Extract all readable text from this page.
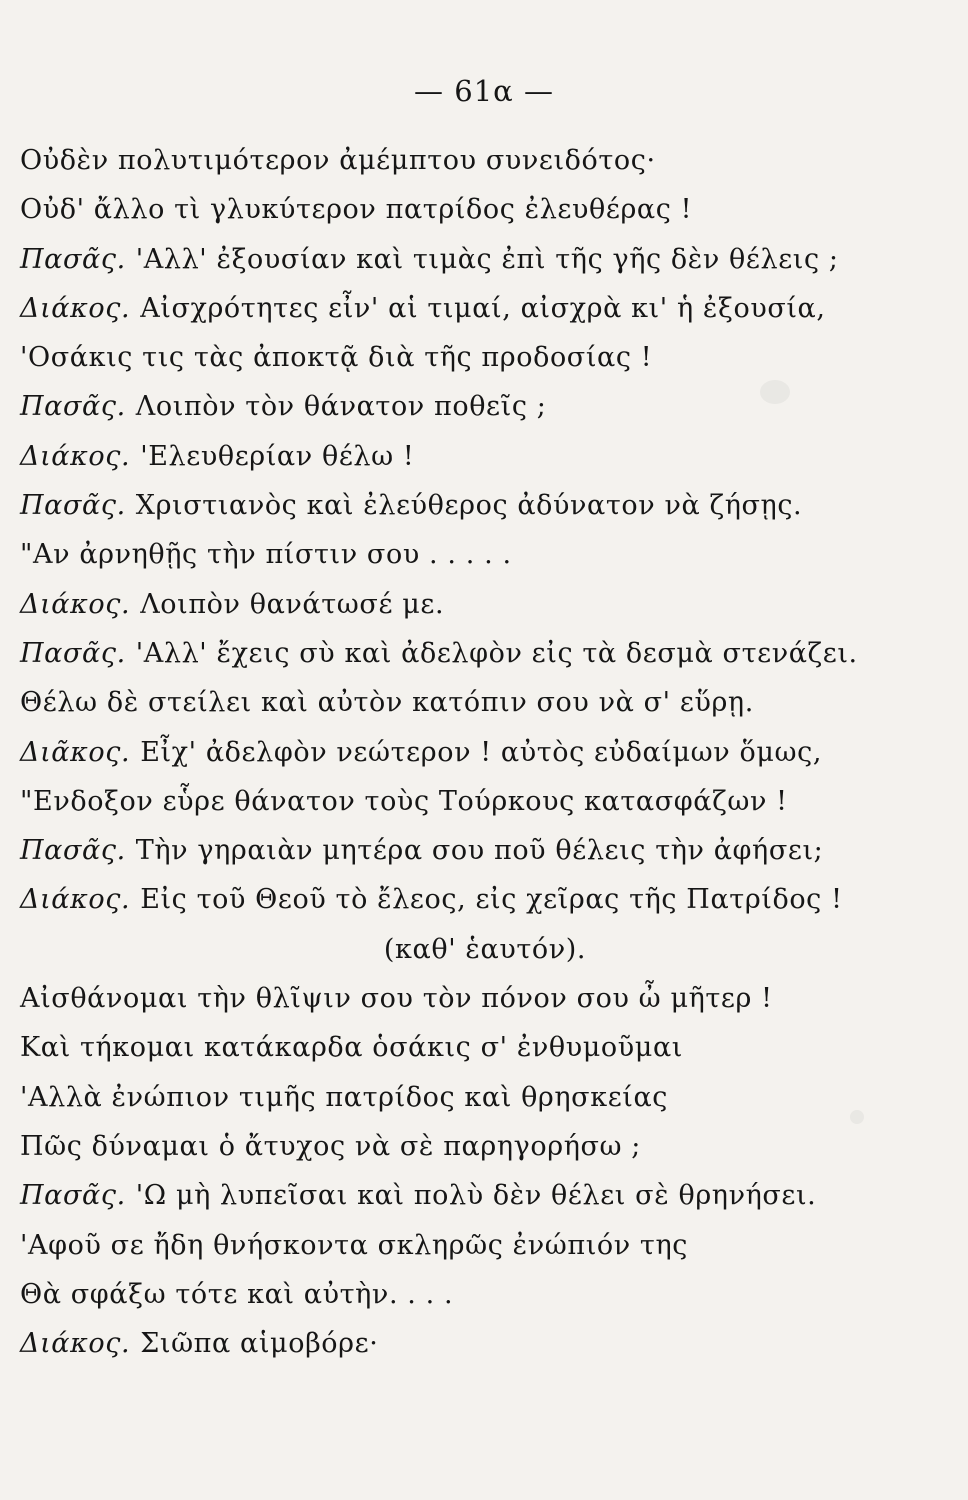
— 61α —
Οὐδὲν πολυτιμότερον ἀμέμπτου συνειδότος·
Οὐδ' ἄλλο τὶ γλυκύτερον πατρίδος ἐλευθέρας !
Πασᾶς. 'Αλλ' ἐξουσίαν καὶ τιμὰς ἐπὶ τῆς γῆς δὲν θέλεις ;
Διάκος. Αἰσχρότητες εἶν' αἱ τιμαί, αἰσχρὰ κι' ἡ ἐξουσία,
'Οσάκις τις τὰς ἀποκτᾷ διὰ τῆς προδοσίας !
Πασᾶς. Λοιπὸν τὸν θάνατον ποθεῖς ;
Διάκος. 'Ελευθερίαν θέλω !
Πασᾶς. Χριστιανὸς καὶ ἐλεύθερος ἀδύνατον νὰ ζήσῃς.
"Αν ἀρνηθῇς τὴν πίστιν σου . . . . .
Διάκος. Λοιπὸν θανάτωσέ με.
Πασᾶς. 'Αλλ' ἔχεις σὺ καὶ ἀδελφὸν εἰς τὰ δεσμὰ στενάζει.
Θέλω δὲ στείλει καὶ αὐτὸν κατόπιν σου νὰ σ' εὕρῃ.
Διᾶκος. Εἶχ' ἀδελφὸν νεώτερον ! αὐτὸς εὐδαίμων ὅμως,
"Ενδοξον εὗρε θάνατον τοὺς Τούρκους κατασφάζων !
Πασᾶς. Τὴν γηραιὰν μητέρα σου ποῦ θέλεις τὴν ἀφήσει;
Διάκος. Εἰς τοῦ Θεοῦ τὸ ἔλεος, εἰς χεῖρας τῆς Πατρίδος !
(καθ' ἑαυτόν).
Αἰσθάνομαι τὴν θλῖψιν σου τὸν πόνον σου ὦ μῆτερ !
Καὶ τήκομαι κατάκαρδα ὁσάκις σ' ἐνθυμοῦμαι
'Αλλὰ ἐνώπιον τιμῆς πατρίδος καὶ θρησκείας
Πῶς δύναμαι ὁ ἄτυχος νὰ σὲ παρηγορήσω ;
Πασᾶς. 'Ω μὴ λυπεῖσαι καὶ πολὺ δὲν θέλει σὲ θρηνήσει.
'Αφοῦ σε ἤδη θνήσκοντα σκληρῶς ἐνώπιόν της
Θὰ σφάξω τότε καὶ αὐτὴν. . . .
Διάκος. Σιῶπα αἱμοβόρε·
